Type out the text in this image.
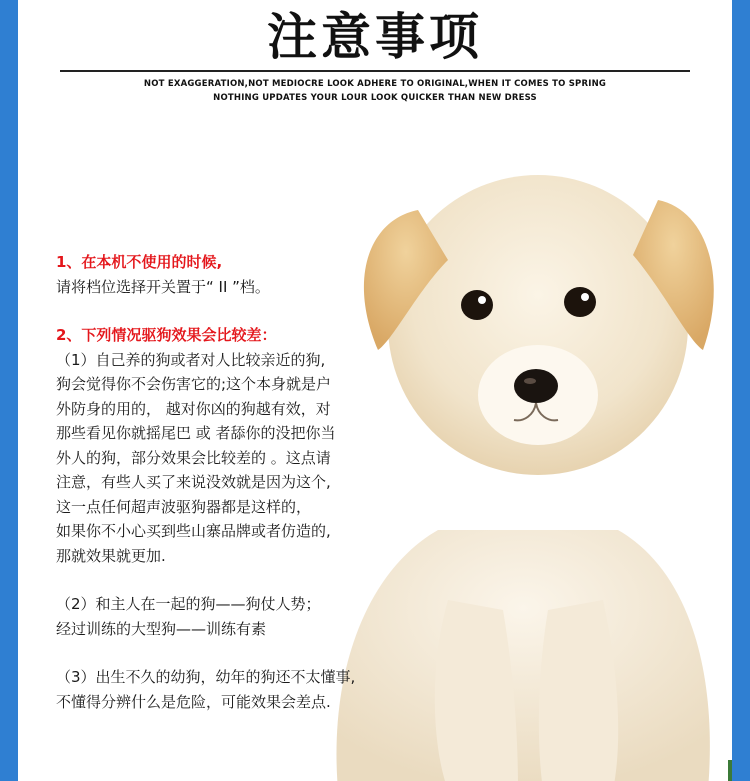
注意事项
NOT EXAGGERATION,NOT MEDIOCRE LOOK ADHERE TO ORIGINAL,WHEN IT COMES TO SPRING
NOTHING UPDATES YOUR LOUR LOOK QUICKER THAN NEW DRESS

1、在本机不使用的时候,

请将档位选择开关置于“ II ”档。

2、下列情况驱狗效果会比较差：

（1）自己养的狗或者对人比较亲近的狗,

狗会觉得你不会伤害它的;这个本身就是户

外防身的用的， 越对你凶的狗越有效，对

那些看见你就摇尾巴 或 者舔你的没把你当

外人的狗，部分效果会比较差的 。这点请

注意，有些人买了来说没效就是因为这个,

这一点任何超声波驱狗器都是这样的，

如果你不小心买到些山寨品牌或者仿造的,

那就效果就更加.

（2）和主人在一起的狗——狗仗人势；

经过训练的大型狗——训练有素

（3）出生不久的幼狗，幼年的狗还不太懂事,

不懂得分辨什么是危险，可能效果会差点.
